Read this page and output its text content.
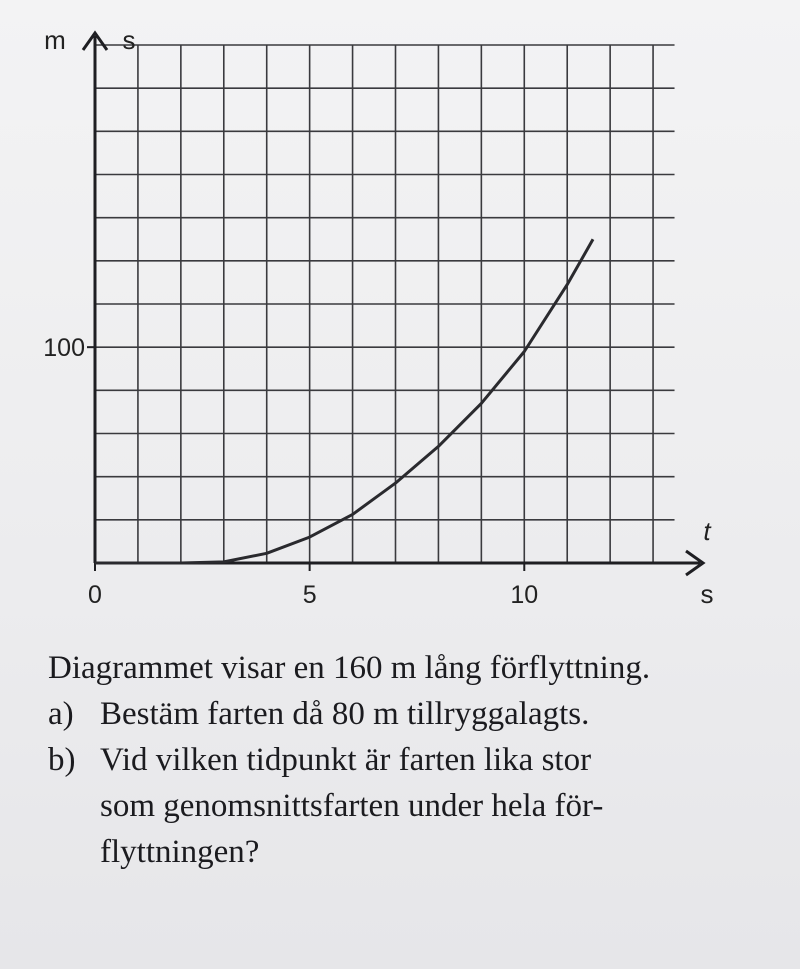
0	5	10
100
m s
t
s
Diagrammet visar en 160 m lång förflyttning.
a) Bestäm farten då 80 m tillryggalagts.
b) Vid vilken tidpunkt är farten lika stor
som genomsnittsfarten under hela för-
flyttningen?
